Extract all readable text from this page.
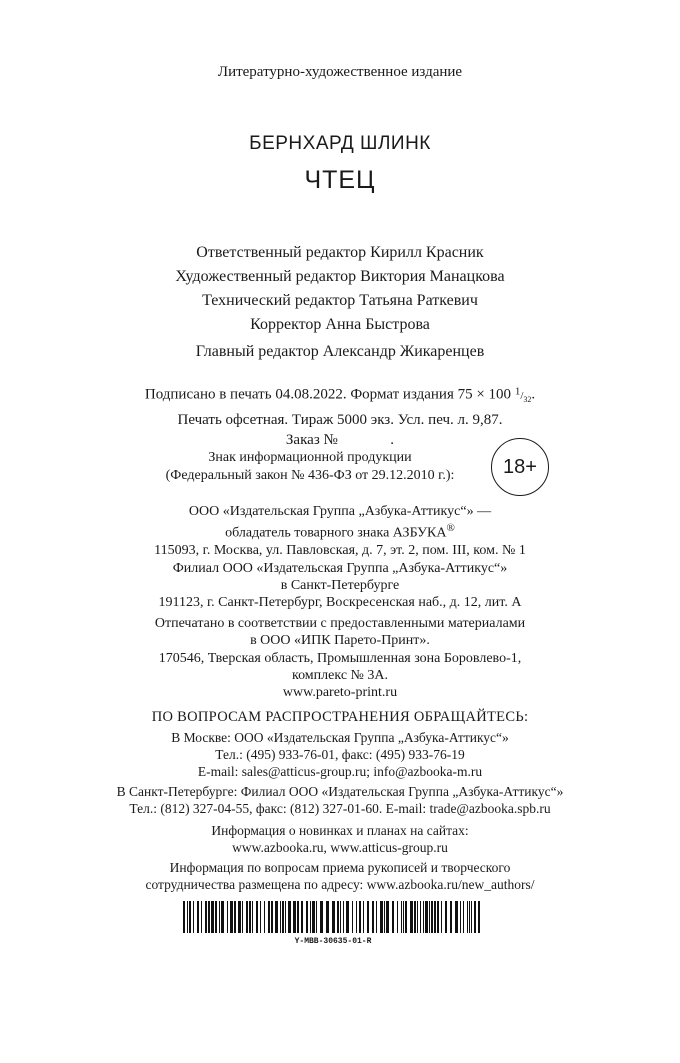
Литературно-художественное издание
БЕРНХАРД ШЛИНК
ЧТЕЦ
Ответственный редактор Кирилл Красник
Художественный редактор Виктория Манацкова
Технический редактор Татьяна Раткевич
Корректор Анна Быстрова
Главный редактор Александр Жикаренцев
Подписано в печать 04.08.2022. Формат издания 75 × 100 $^1/_{32}$.
Печать офсетная. Тираж 5000 экз. Усл. печ. л. 9,87.
Заказ №              .
Знак информационной продукции
(Федеральный закон № 436-ФЗ от 29.12.2010 г.):	18+
ООО «Издательская Группа „Азбука-Аттикус“» —
обладатель товарного знака АЗБУКА®
115093, г. Москва, ул. Павловская, д. 7, эт. 2, пом. III, ком. № 1
Филиал ООО «Издательская Группа „Азбука-Аттикус“»
в Санкт-Петербурге
191123, г. Санкт-Петербург, Воскресенская наб., д. 12, лит. А
Отпечатано в соответствии с предоставленными материалами
в ООО «ИПК Парето-Принт».
170546, Тверская область, Промышленная зона Боровлево-1,
комплекс № 3А.
www.pareto-print.ru
ПО ВОПРОСАМ РАСПРОСТРАНЕНИЯ ОБРАЩАЙТЕСЬ:
В Москве: ООО «Издательская Группа „Азбука-Аттикус“»
Тел.: (495) 933-76-01, факс: (495) 933-76-19
E-mail: sales@atticus-group.ru; info@azbooka-m.ru
В Санкт-Петербурге: Филиал ООО «Издательская Группа „Азбука-Аттикус“»
Тел.: (812) 327-04-55, факс: (812) 327-01-60. E-mail: trade@azbooka.spb.ru
Информация о новинках и планах на сайтах:
www.azbooka.ru, www.atticus-group.ru
Информация по вопросам приема рукописей и творческого
сотрудничества размещена по адресу: www.azbooka.ru/new_authors/
Y-MBB-30635-01-R
